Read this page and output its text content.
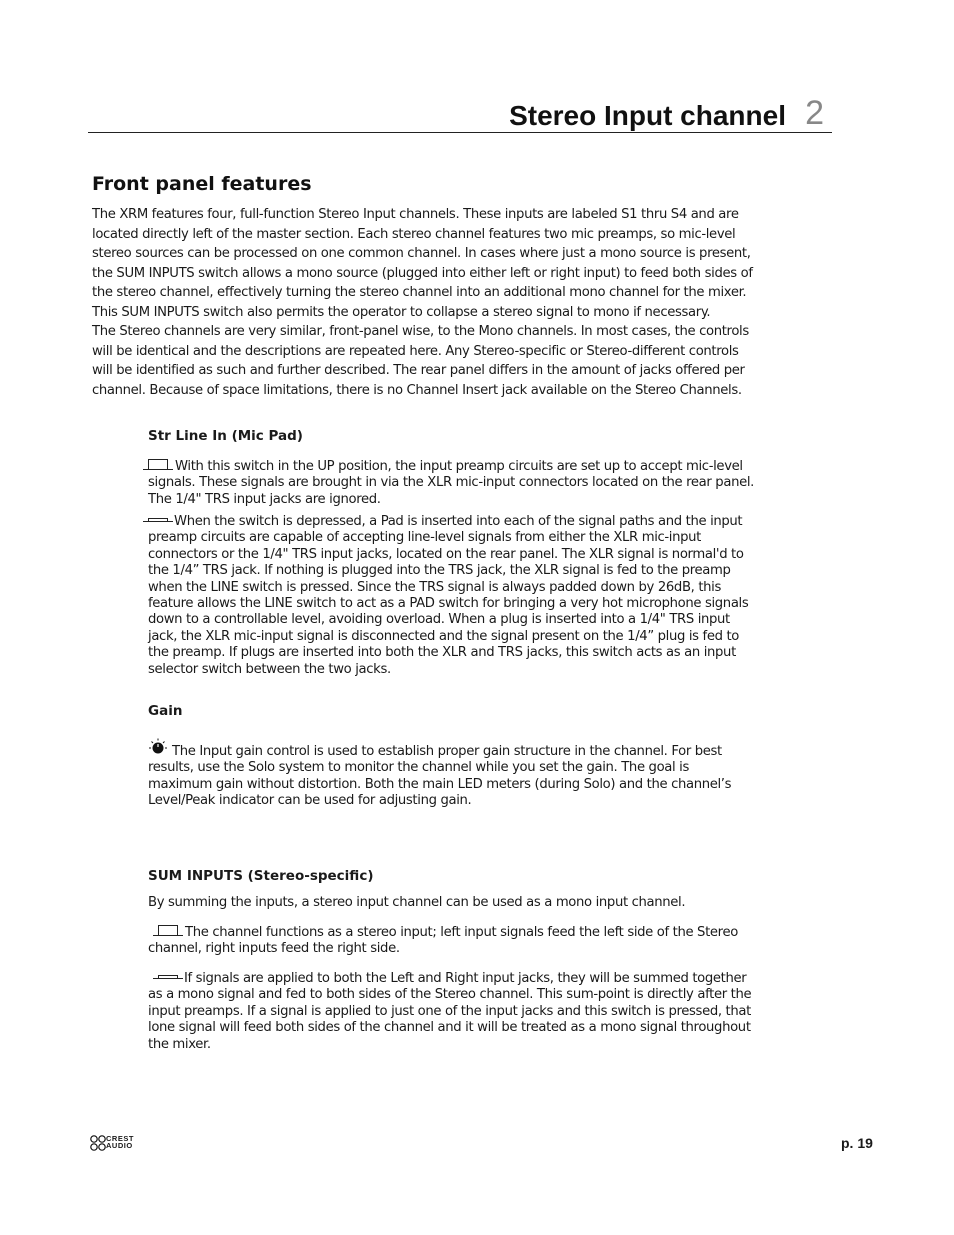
Stereo Input channel 2
Front panel features

The XRM features four, full-function Stereo Input channels. These inputs are labeled S1 thru S4 and are located directly left of the master section. Each stereo channel features two mic preamps, so mic-level stereo sources can be processed on one common channel. In cases where just a mono source is present, the SUM INPUTS switch allows a mono source (plugged into either left or right input) to feed both sides of the stereo channel, effectively turning the stereo channel into an additional mono channel for the mixer. This SUM INPUTS switch also permits the operator to collapse a stereo signal to mono if necessary.

The Stereo channels are very similar, front-panel wise, to the Mono channels. In most cases, the controls will be identical and the descriptions are repeated here. Any Stereo-specific or Stereo-different controls will be identified as such and further described. The rear panel differs in the amount of jacks offered per channel. Because of space limitations, there is no Channel Insert jack available on the Stereo Channels.

Str Line In (Mic Pad)

With this switch in the UP position, the input preamp circuits are set up to accept mic-level signals. These signals are brought in via the XLR mic-input connectors located on the rear panel. The 1/4" TRS input jacks are ignored.

When the switch is depressed, a Pad is inserted into each of the signal paths and the input preamp circuits are capable of accepting line-level signals from either the XLR mic-input connectors or the 1/4" TRS input jacks, located on the rear panel. The XLR signal is normal'd to the 1/4” TRS jack. If nothing is plugged into the TRS jack, the XLR signal is fed to the preamp when the LINE switch is pressed. Since the TRS signal is always padded down by 26dB, this feature allows the LINE switch to act as a PAD switch for bringing a very hot microphone signals down to a controllable level, avoiding overload. When a plug is inserted into a 1/4" TRS input jack, the XLR mic-input signal is disconnected and the signal present on the 1/4” plug is fed to the preamp. If plugs are inserted into both the XLR and TRS jacks, this switch acts as an input selector switch between the two jacks.

Gain

The Input gain control is used to establish proper gain structure in the channel. For best results, use the Solo system to monitor the channel while you set the gain. The goal is maximum gain without distortion. Both the main LED meters (during Solo) and the channel’s Level/Peak indicator can be used for adjusting gain.

SUM INPUTS (Stereo-specific)

By summing the inputs, a stereo input channel can be used as a mono input channel.

The channel functions as a stereo input; left input signals feed the left side of the Stereo channel, right inputs feed the right side.

If signals are applied to both the Left and Right input jacks, they will be summed together as a mono signal and fed to both sides of the Stereo channel. This sum-point is directly after the input preamps. If a signal is applied to just one of the input jacks and this switch is pressed, that lone signal will feed both sides of the channel and it will be treated as a mono signal throughout the mixer.

CREST
AUDIO	p. 19
